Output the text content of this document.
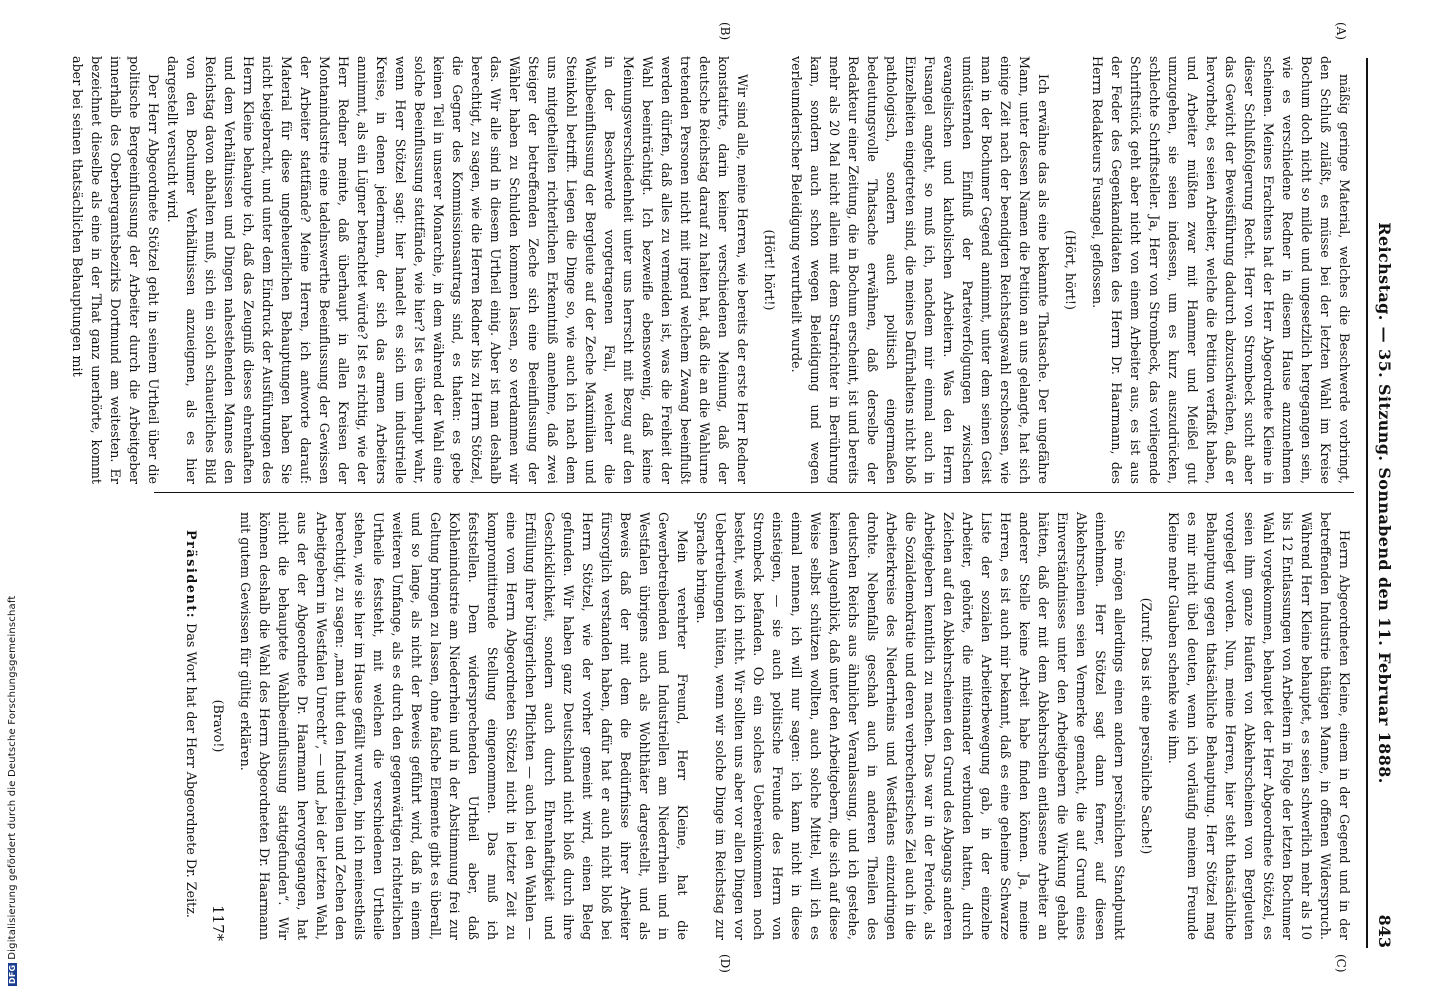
DFGDigitalisierung gefördert durch die Deutsche Forschungsgemeinschaft	Reichstag. — 35. Sitzung. Sonnabend den 11. Februar 1888.
843
(A)
(B)
(C)
(D)

mäßig geringe Material, welches die Beschwerde vorbringt, den Schluß zuläßt, es müsse bei der letzten Wahl im Kreise Bochum doch nicht so milde und ungesetzlich hergegangen sein, wie es verschiedene Redner in diesem Hause anzunehmen scheinen. Meines Erachtens hat der Herr Abgeordnete Kleine in dieser Schlußfolgerung Recht. Herr von Strombeck sucht aber das Gewicht der Beweisführung dadurch abzuschwächen, daß er hervorhebt, es seien Arbeiter, welche die Petition verfaßt haben, und Arbeiter müßten zwar mit Hammer und Meißel gut umzugehen, sie seien indessen, um es kurz auszudrücken, schlechte Schriftsteller. Ja, Herr von Strombeck, das vorliegende Schriftstück geht aber nicht von einem Arbeiter aus, es ist aus der Feder des Gegenkandidaten des Herrn Dr. Haarmann, des Herrn Redakteurs Fusangel, geflossen.

(Hört, hört!)

Ich erwähne das als eine bekannte Thatsache. Der ungefähre Mann, unter dessen Namen die Petition an uns gelangte, hat sich einige Zeit nach der beendigten Reichstagswahl erschossen, wie man in der Bochumer Gegend annimmt, unter dem seinen Geist umdüsternden Einfluß der Parteiverfolgungen zwischen evangelischen und katholischen Arbeitern. Was den Herrn Fusangel angeht, so muß ich, nachdem mir einmal auch in Einzelheiten eingetreten sind, die meines Dafürhaltens nicht bloß pathologisch, sondern auch politisch eingermaßen bedeutungsvolle Thatsache erwähnen, daß derselbe der Redakteur einer Zeitung, die in Bochum erscheint, ist und bereits mehr als 20 Mal nicht allein mit dem Strafrichter in Berührung kam, sondern auch schon wegen Beleidigung und wegen verleumderischer Beleidigung verurtheilt wurde.

(Hört! hört!)

Wir sind alle, meine Herren, wie bereits der erste Herr Redner konstatirte, darin keiner verschiedenen Meinung, daß der deutsche Reichstag darauf zu halten hat, daß die an die Wahlurne tretenden Personen nicht mit irgend welchem Zwang beeinflußt werden dürfen, daß alles zu vermeiden ist, was die Freiheit der Wahl beeinträchtigt. Ich bezweifle ebensowenig, daß keine Meinungsverschiedenheit unter uns herrscht mit Bezug auf den in der Beschwerde vorgetragenen Fall, welcher die Wahlbeeinflussung der Bergleute auf der Zeche Maximilian und Steinkohl betrifft. Liegen die Dinge so, wie auch ich nach dem uns mitgetheilten richterlichen Erkenntniß annehme, daß zwei Steiger der betreffenden Zeche sich eine Beeinflussung der Wähler haben zu Schulden kommen lassen, so verdammen wir das. Wir alle sind in diesem Urtheil einig. Aber ist man deshalb berechtigt, zu sagen, wie die Herren Redner bis zu Herrn Stötzel, die Gegner des Kommissionsantrags sind, es thaten: es gebe keinen Teil in unserer Monarchie, in dem während der Wahl eine solche Beeinflussung stattfände, wie hier? Ist es überhaupt wahr, wenn Herr Stötzel sagt: hier handelt es sich um industrielle Kreise, in denen jedermann, der sich das armen Arbeiters annimmt, als ein Lügner betrachtet würde? Ist es richtig, wie der Herr Redner meinte, daß überhaupt in allen Kreisen der Montanindustrie eine tadelnswerthe Beeinflussung der Gewissen der Arbeiter stattfände? Meine Herren, ich antworte darauf: Material für diese ungeheuerlichen Behauptungen haben Sie nicht beigebracht, und unter dem Eindruck der Ausführungen des Herrn Kleine behaupte ich, daß das Zeugniß dieses ehrenhaften und dem Verhältnissen und Dingen nahestehenden Mannes den Reichstag davon abhalten muß, sich ein solch schauerliches Bild von den Bochumer Verhältnissen anzueignen, als es hier dargestellt versucht wird.

Der Herr Abgeordnete Stötzel geht in seinem Urtheil über die politische Bergeeinflussung der Arbeiter durch die Arbeitgeber innerhalb des Oberbergamtsbezirks Dortmund am weitesten. Er bezeichnet dieselbe als eine in der That ganz unerhörte, kommt aber bei seinen thatsächlichen Behauptungen mit

Herrn Abgeordneten Kleine, einem in der Gegend und in der betreffenden Industrie thätigen Manne, in offenen Widerspruch. Während Herr Kleine behauptet, es seien schwerlich mehr als 10 bis 12 Entlassungen von Arbeitern in Folge der letzten Bochumer Wahl vorgekommen, behauptet der Herr Abgeordnete Stötzel, es seien ihm ganze Haufen von Abkehrscheinen von Bergleuten vorgelegt worden. Nun, meine Herren, hier steht thatsächliche Behauptung gegen thatsächliche Behauptung. Herr Stötzel mag es mir nicht übel deuten, wenn ich vorläufig meinem Freunde Kleine mehr Glauben schenke wie ihm.

(Zuruf: Das ist eine persönliche Sache!)

Sie mögen allerdings einen andern persönlichen Standpunkt einnehmen. Herr Stötzel sagt dann ferner, auf diesen Abkehrscheinen seien Vermerke gemacht, die auf Grund eines Einverständnisses unter den Arbeitgebern die Wirkung gehabt hätten, daß der mit dem Abkehrschein entlassene Arbeiter an anderer Stelle keine Arbeit habe finden können. Ja, meine Herren, es ist auch mir bekannt, daß es eine geheime Schwarze Liste der sozialen Arbeiterbewegung gab, in der einzelne Arbeiter, gehörte, die miteinander verbunden hatten, durch Zeichen auf den Abkehrscheinen den Grund des Abgangs anderen Arbeitgebern kenntlich zu machen. Das war in der Periode, als die Sozialdemokratie und deren verbrecherisches Ziel auch in die Arbeiterkreise des Niederrheins und Westfalens einzudringen drohte. Nebenfalls geschah auch in anderen Theilen des deutschen Reichs aus ähnlicher Veranlassung, und ich gestehe, keinen Augenblick, daß unter den Arbeitgebern, die sich auf diese Weise selbst schützen wollten, auch solche Mittel, will ich es einmal nennen, ich will nur sagen: ich kann nicht in diese einsteigen, — sie auch politische Freunde des Herrn von Strombeck befanden. Ob ein solches Uebereinkommen noch besteht, weiß ich nicht. Wir sollten uns aber vor allen Dingen vor Uebertreibungen hüten, wenn wir solche Dinge im Reichstag zur Sprache bringen.

Mein verehrter Freund, Herr Kleine, hat die Gewerbetreibenden und Industriellen am Niederrhein und in Westfalen übrigens auch als Wohlthäter dargestellt, und als Beweis daß der mit dem die Bedürfnisse ihrer Arbeiter fürsorglich verstanden haben, dafür hat er auch nicht bloß bei Herrn Stötzel, wie der vorher gemeint wird, einen Beleg gefunden. Wir haben ganz Deutschland nicht bloß durch ihre Geschicklichkeit, sondern auch durch Ehrenhaftigkeit und Erfüllung ihrer bürgerlichen Pflichten — auch bei den Wahlen — eine vom Herrn Abgeordneten Stötzel nicht in letzter Zeit zu kompromittirende Stellung eingenommen. Das muß ich feststellen. Dem widersprechenden Urtheil aber, daß Kohlenindustrie am Niederrhein und in der Abstimmung frei zur Geltung bringen zu lassen, ohne falsche Elemente gibt es überall, und so lange, als nicht der Beweis geführt wird, daß in einem weiteren Umfange, als es durch den gegenwärtigen richterlichen Urtheile feststeht, mit welchen die verschiedenen Urtheile stehen, wie sie hier im Hause gefällt wurden, bin ich meinestheils berechtigt, zu sagen: „man thut den Industriellen und Zechen den Arbeitgebern in Westfalen Unrecht“, — und „bei der letzten Wahl, aus der der Abgeordnete Dr. Haarmann hervorgegangen, hat nicht die behauptete Wahlbeeinflussung stattgefunden“. Wir können deshalb die Wahl des Herrn Abgeordneten Dr. Haarmann mit gutem Gewissen für gültig erklären.

(Bravo!)

Präsident: Das Wort hat der Herr Abgeordnete Dr. Zeitz.

117*
